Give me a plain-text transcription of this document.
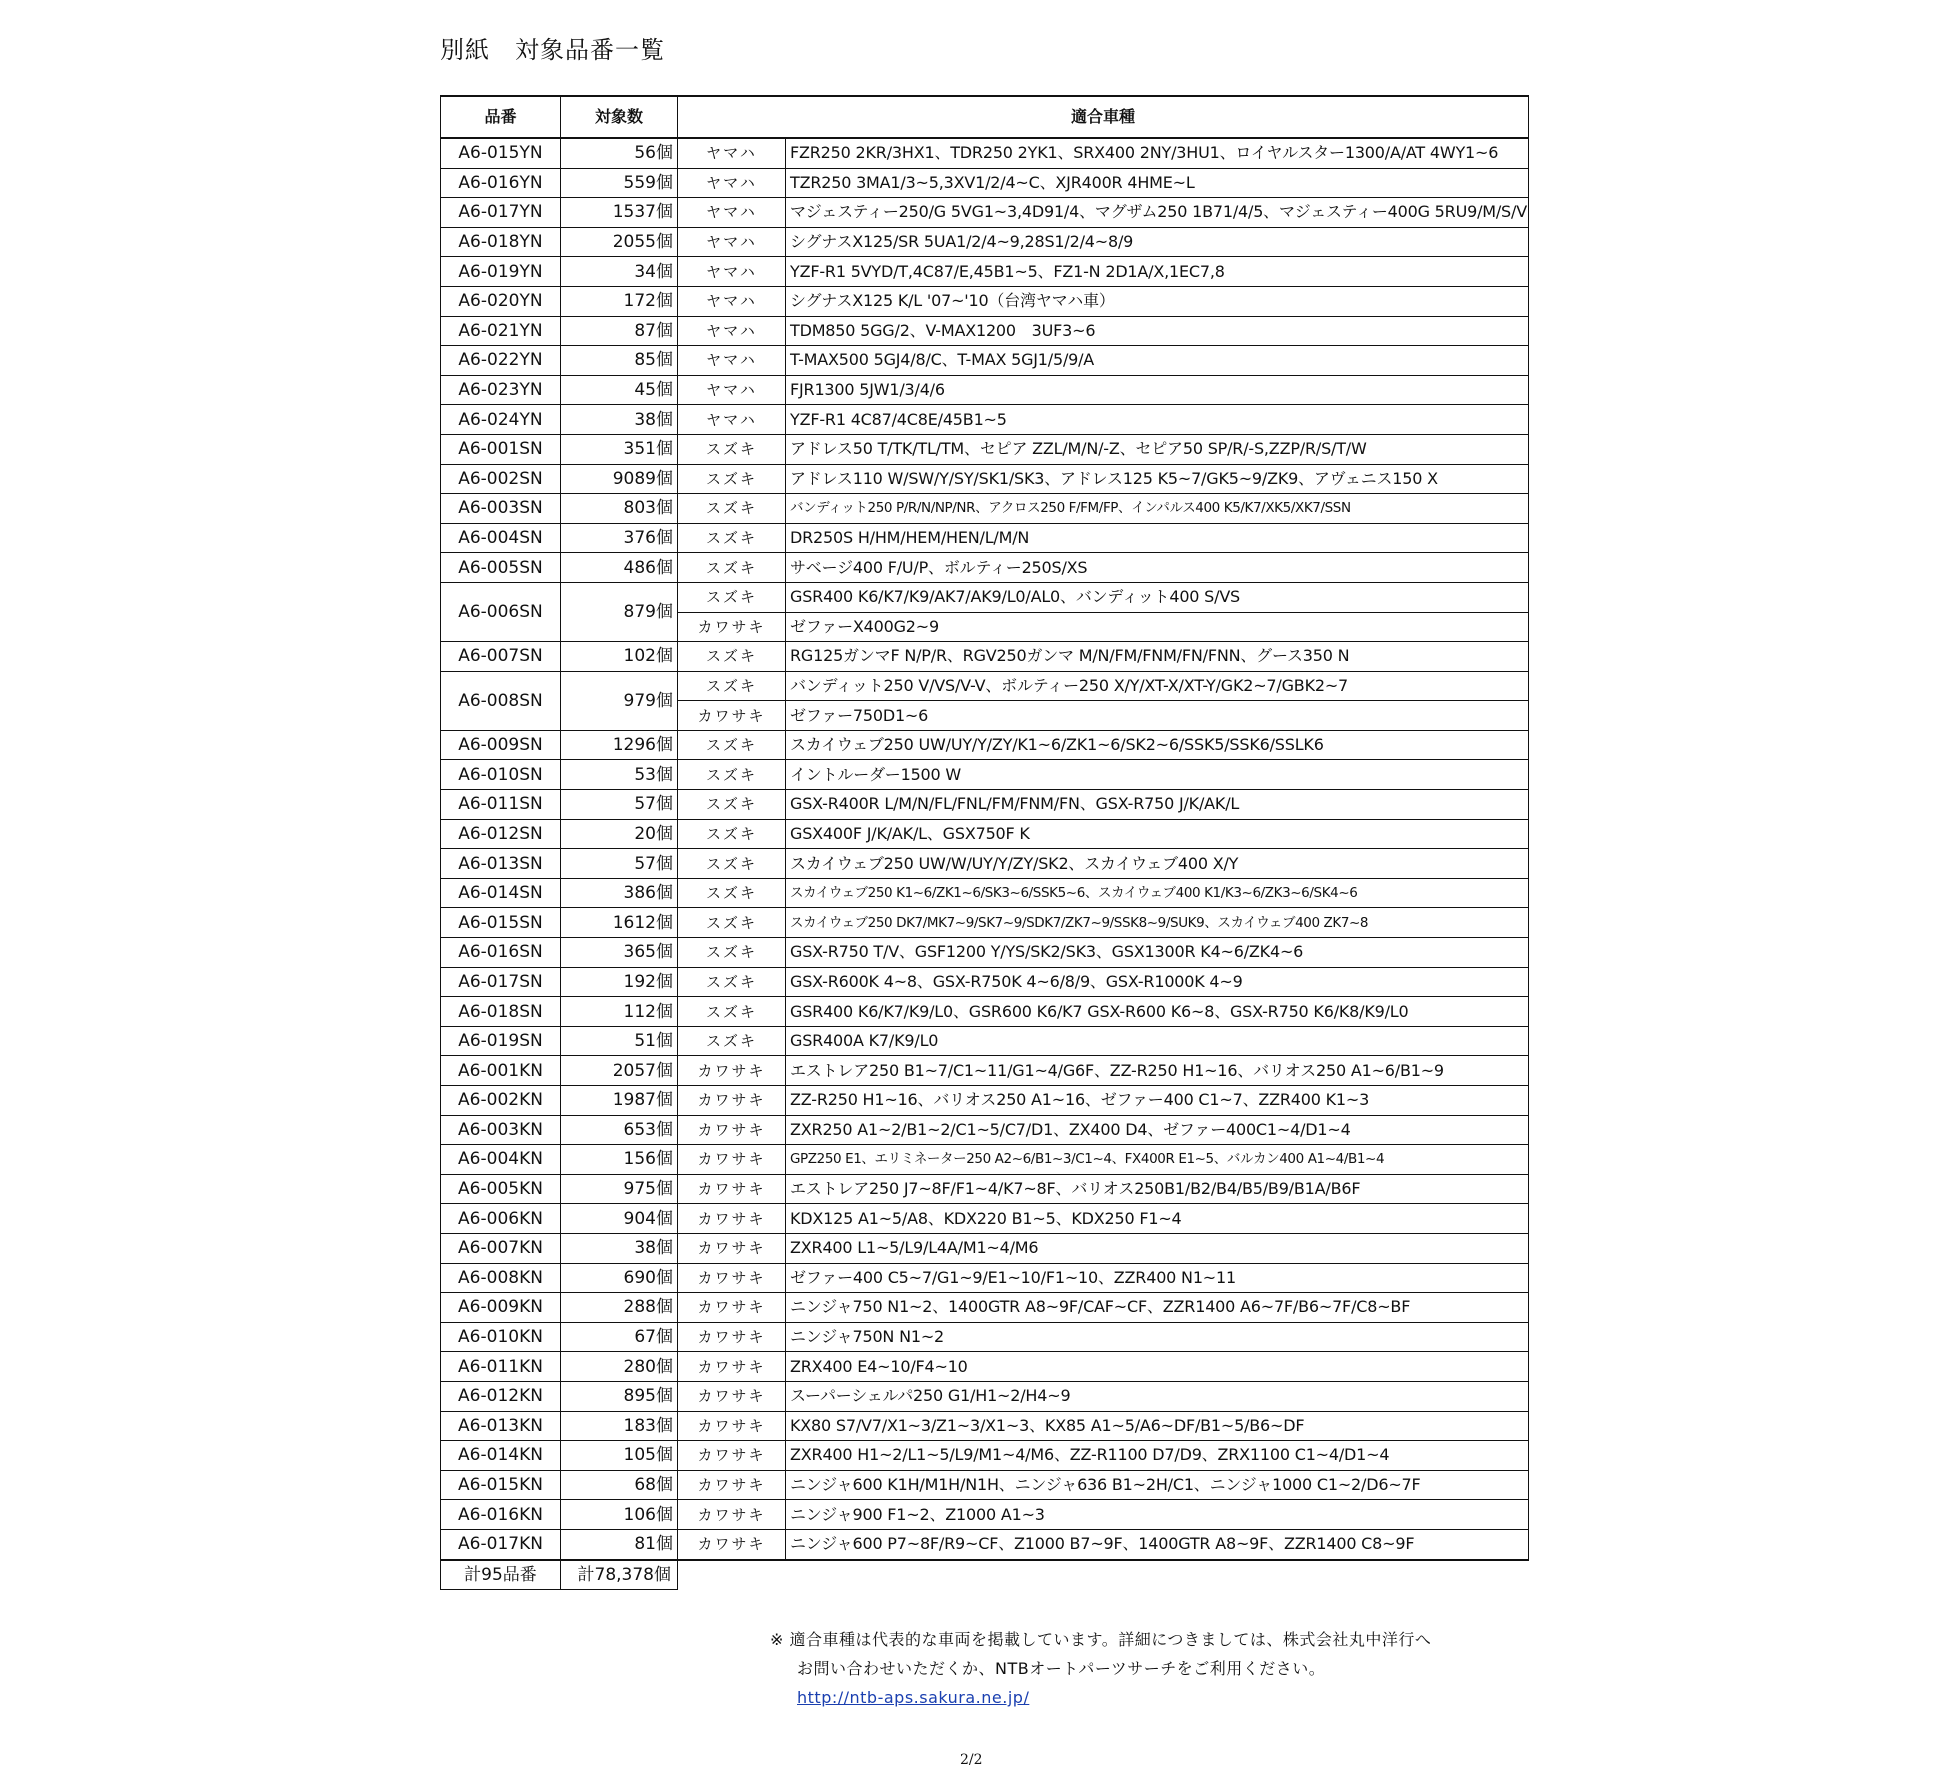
別紙　対象品番一覧
品番	対象数	適合車種	
A6-015YN	56個	ヤマハ	FZR250 2KR/3HX1、TDR250 2YK1、SRX400 2NY/3HU1、ロイヤルスター1300/A/AT 4WY1~6
A6-016YN	559個	ヤマハ	TZR250 3MA1/3~5,3XV1/2/4~C、XJR400R 4HME~L
A6-017YN	1537個	ヤマハ	マジェスティー250/G 5VG1~3,4D91/4、マグザム250 1B71/4/5、マジェスティー400G 5RU9/M/S/V
A6-018YN	2055個	ヤマハ	シグナスX125/SR 5UA1/2/4~9,28S1/2/4~8/9
A6-019YN	34個	ヤマハ	YZF-R1 5VYD/T,4C87/E,45B1~5、FZ1-N 2D1A/X,1EC7,8
A6-020YN	172個	ヤマハ	シグナスX125 K/L '07~'10（台湾ヤマハ車）
A6-021YN	87個	ヤマハ	TDM850 5GG/2、V-MAX1200　3UF3~6
A6-022YN	85個	ヤマハ	T-MAX500 5GJ4/8/C、T-MAX 5GJ1/5/9/A
A6-023YN	45個	ヤマハ	FJR1300 5JW1/3/4/6
A6-024YN	38個	ヤマハ	YZF-R1 4C87/4C8E/45B1~5
A6-001SN	351個	スズキ	アドレス50 T/TK/TL/TM、セピア ZZL/M/N/-Z、セピア50 SP/R/-S,ZZP/R/S/T/W
A6-002SN	9089個	スズキ	アドレス110 W/SW/Y/SY/SK1/SK3、アドレス125 K5~7/GK5~9/ZK9、アヴェニス150 X
A6-003SN	803個	スズキ	バンディット250 P/R/N/NP/NR、アクロス250 F/FM/FP、インパルス400 K5/K7/XK5/XK7/SSN
A6-004SN	376個	スズキ	DR250S H/HM/HEM/HEN/L/M/N
A6-005SN	486個	スズキ	サベージ400 F/U/P、ボルティー250S/XS
A6-006SN	879個	スズキ	GSR400 K6/K7/K9/AK7/AK9/L0/AL0、バンディット400 S/VS
		カワサキ	ゼファーX400G2~9
A6-007SN	102個	スズキ	RG125ガンマF N/P/R、RGV250ガンマ M/N/FM/FNM/FN/FNN、グース350 N
A6-008SN	979個	スズキ	バンディット250 V/VS/V-V、ボルティー250 X/Y/XT-X/XT-Y/GK2~7/GBK2~7
		カワサキ	ゼファー750D1~6
A6-009SN	1296個	スズキ	スカイウェブ250 UW/UY/Y/ZY/K1~6/ZK1~6/SK2~6/SSK5/SSK6/SSLK6
A6-010SN	53個	スズキ	イントルーダー1500 W
A6-011SN	57個	スズキ	GSX-R400R L/M/N/FL/FNL/FM/FNM/FN、GSX-R750 J/K/AK/L
A6-012SN	20個	スズキ	GSX400F J/K/AK/L、GSX750F K
A6-013SN	57個	スズキ	スカイウェブ250 UW/W/UY/Y/ZY/SK2、スカイウェブ400 X/Y
A6-014SN	386個	スズキ	スカイウェブ250 K1~6/ZK1~6/SK3~6/SSK5~6、スカイウェブ400 K1/K3~6/ZK3~6/SK4~6
A6-015SN	1612個	スズキ	スカイウェブ250 DK7/MK7~9/SK7~9/SDK7/ZK7~9/SSK8~9/SUK9、スカイウェブ400 ZK7~8
A6-016SN	365個	スズキ	GSX-R750 T/V、GSF1200 Y/YS/SK2/SK3、GSX1300R K4~6/ZK4~6
A6-017SN	192個	スズキ	GSX-R600K 4~8、GSX-R750K 4~6/8/9、GSX-R1000K 4~9
A6-018SN	112個	スズキ	GSR400 K6/K7/K9/L0、GSR600 K6/K7 GSX-R600 K6~8、GSX-R750 K6/K8/K9/L0
A6-019SN	51個	スズキ	GSR400A K7/K9/L0
A6-001KN	2057個	カワサキ	エストレア250 B1~7/C1~11/G1~4/G6F、ZZ-R250 H1~16、バリオス250 A1~6/B1~9
A6-002KN	1987個	カワサキ	ZZ-R250 H1~16、バリオス250 A1~16、ゼファー400 C1~7、ZZR400 K1~3
A6-003KN	653個	カワサキ	ZXR250 A1~2/B1~2/C1~5/C7/D1、ZX400 D4、ゼファー400C1~4/D1~4
A6-004KN	156個	カワサキ	GPZ250 E1、エリミネーター250 A2~6/B1~3/C1~4、FX400R E1~5、バルカン400 A1~4/B1~4
A6-005KN	975個	カワサキ	エストレア250 J7~8F/F1~4/K7~8F、バリオス250B1/B2/B4/B5/B9/B1A/B6F
A6-006KN	904個	カワサキ	KDX125 A1~5/A8、KDX220 B1~5、KDX250 F1~4
A6-007KN	38個	カワサキ	ZXR400 L1~5/L9/L4A/M1~4/M6
A6-008KN	690個	カワサキ	ゼファー400 C5~7/G1~9/E1~10/F1~10、ZZR400 N1~11
A6-009KN	288個	カワサキ	ニンジャ750 N1~2、1400GTR A8~9F/CAF~CF、ZZR1400 A6~7F/B6~7F/C8~BF
A6-010KN	67個	カワサキ	ニンジャ750N N1~2
A6-011KN	280個	カワサキ	ZRX400 E4~10/F4~10
A6-012KN	895個	カワサキ	スーパーシェルパ250 G1/H1~2/H4~9
A6-013KN	183個	カワサキ	KX80 S7/V7/X1~3/Z1~3/X1~3、KX85 A1~5/A6~DF/B1~5/B6~DF
A6-014KN	105個	カワサキ	ZXR400 H1~2/L1~5/L9/M1~4/M6、ZZ-R1100 D7/D9、ZRX1100 C1~4/D1~4
A6-015KN	68個	カワサキ	ニンジャ600 K1H/M1H/N1H、ニンジャ636 B1~2H/C1、ニンジャ1000 C1~2/D6~7F
A6-016KN	106個	カワサキ	ニンジャ900 F1~2、Z1000 A1~3
A6-017KN	81個	カワサキ	ニンジャ600 P7~8F/R9~CF、Z1000 B7~9F、1400GTR A8~9F、ZZR1400 C8~9F
計95品番	計78,378個		
※ 適合車種は代表的な車両を掲載しています。詳細につきましては、株式会社丸中洋行へ

お問い合わせいただくか、NTBオートパーツサーチをご利用ください。
http://ntb-aps.sakura.ne.jp/
2/2
